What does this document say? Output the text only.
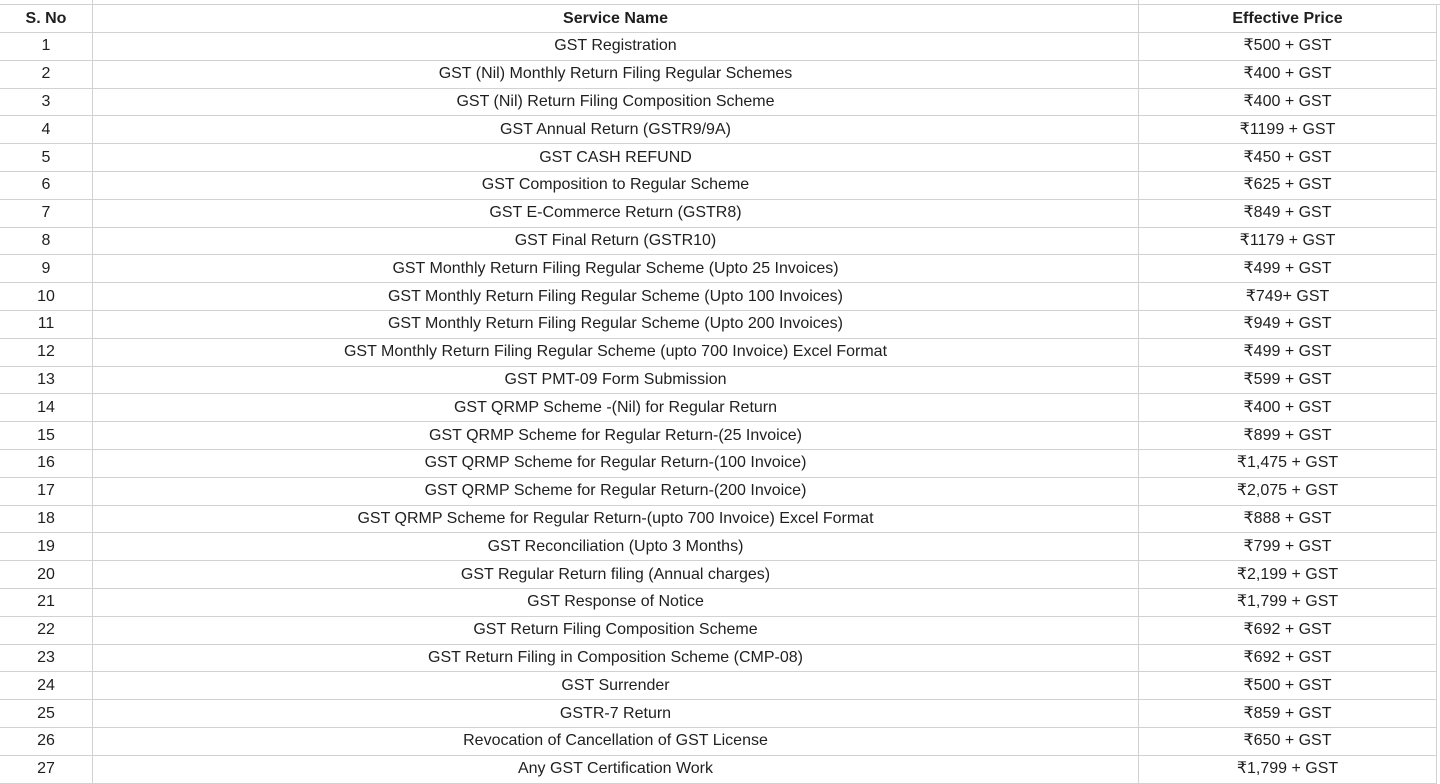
S. No	Service Name	Effective Price
1	GST Registration	₹500 + GST
2	GST (Nil) Monthly Return Filing Regular Schemes	₹400 + GST
3	GST (Nil) Return Filing Composition Scheme	₹400 + GST
4	GST Annual Return (GSTR9/9A)	₹1199 + GST
5	GST CASH REFUND	₹450 + GST
6	GST Composition to Regular Scheme	₹625 + GST
7	GST E-Commerce Return (GSTR8)	₹849 + GST
8	GST Final Return (GSTR10)	₹1179 + GST
9	GST Monthly Return Filing Regular Scheme (Upto 25 Invoices)	₹499 + GST
10	GST Monthly Return Filing Regular Scheme (Upto 100 Invoices)	₹749+ GST
11	GST Monthly Return Filing Regular Scheme (Upto 200 Invoices)	₹949 + GST
12	GST Monthly Return Filing Regular Scheme (upto 700 Invoice) Excel Format	₹499 + GST
13	GST PMT-09 Form Submission	₹599 + GST
14	GST QRMP Scheme -(Nil) for Regular Return	₹400 + GST
15	GST QRMP Scheme for Regular Return-(25 Invoice)	₹899 + GST
16	GST QRMP Scheme for Regular Return-(100 Invoice)	₹1,475 + GST
17	GST QRMP Scheme for Regular Return-(200 Invoice)	₹2,075 + GST
18	GST QRMP Scheme for Regular Return-(upto 700 Invoice) Excel Format	₹888 + GST
19	GST Reconciliation (Upto 3 Months)	₹799 + GST
20	GST Regular Return filing (Annual charges)	₹2,199 + GST
21	GST Response of Notice	₹1,799 + GST
22	GST Return Filing Composition Scheme	₹692 + GST
23	GST Return Filing in Composition Scheme (CMP-08)	₹692 + GST
24	GST Surrender	₹500 + GST
25	GSTR-7 Return	₹859 + GST
26	Revocation of Cancellation of GST License	₹650 + GST
27	Any GST Certification Work	₹1,799 + GST
